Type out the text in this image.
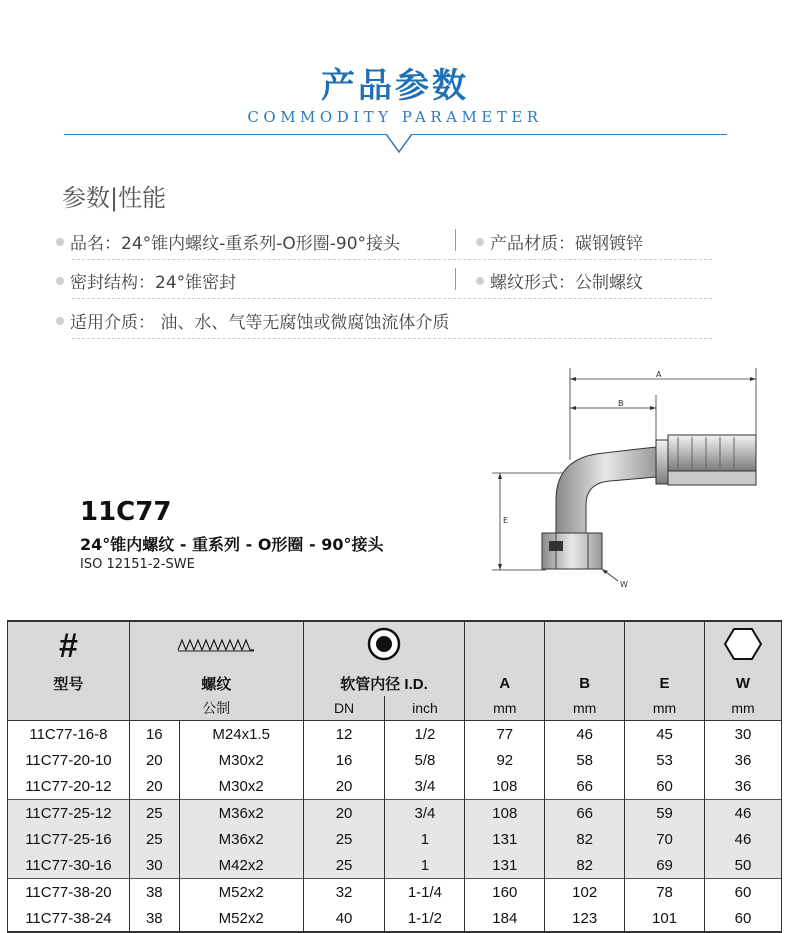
产品参数
COMMODITY PARAMETER
参数|性能
品名：24°锥内螺纹-重系列-O形圈-90°接头	产品材质：碳钢镀锌
密封结构：24°锥密封	螺纹形式：公制螺纹
适用介质： 油、水、气等无腐蚀或微腐蚀流体介质
11C77
24°锥内螺纹 - 重系列 - O形圈 - 90°接头
ISO 12151-2-SWE
A
B
E
W
#						
型号	螺纹		软管内径 I.D.		A	B	E	W
	公制		DN	inch	mm	mm	mm	mm
11C77-16-8	16	M24x1.5	12	1/2	77	46	45	30
11C77-20-10	20	M30x2	16	5/8	92	58	53	36
11C77-20-12	20	M30x2	20	3/4	108	66	60	36
11C77-25-12	25	M36x2	20	3/4	108	66	59	46
11C77-25-16	25	M36x2	25	1	131	82	70	46
11C77-30-16	30	M42x2	25	1	131	82	69	50
11C77-38-20	38	M52x2	32	1-1/4	160	102	78	60
11C77-38-24	38	M52x2	40	1-1/2	184	123	101	60
